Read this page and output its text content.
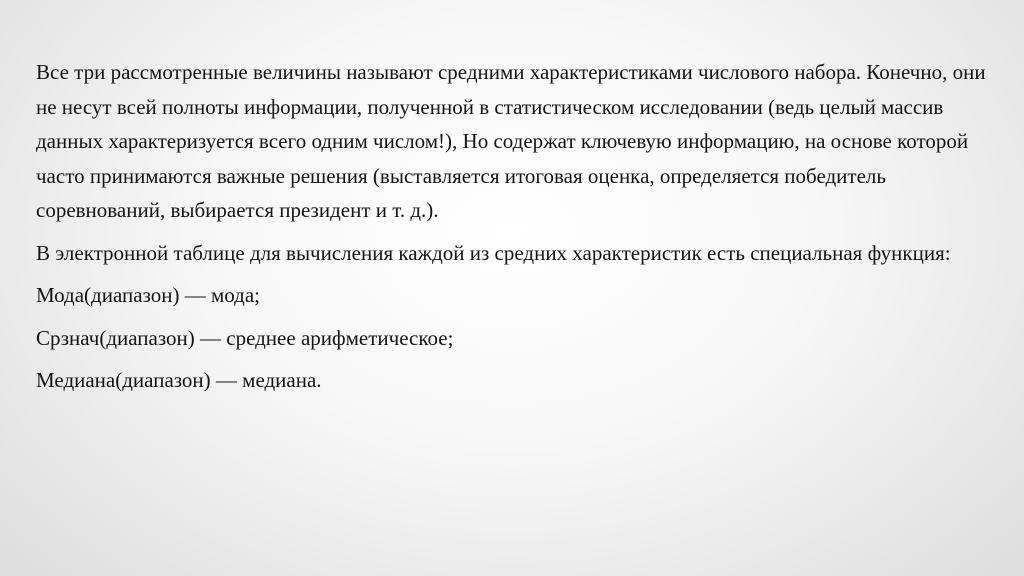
Все три рассмотренные величины называют средними характеристиками числового набора. Конечно, они не несут всей полноты информации, полученной в статистическом исследовании (ведь целый массив данных характеризуется всего одним числом!), Но содержат ключевую информацию, на основе которой часто принимаются важные решения (выставляется итоговая оценка, определяется победитель соревнований, выбирается президент и т. д.).

В электронной таблице для вычисления каждой из средних характеристик есть специальная функция:

Мода(диапазон) — мода;

Срзнач(диапазон) — среднее арифметическое;

Медиана(диапазон) — медиана.
